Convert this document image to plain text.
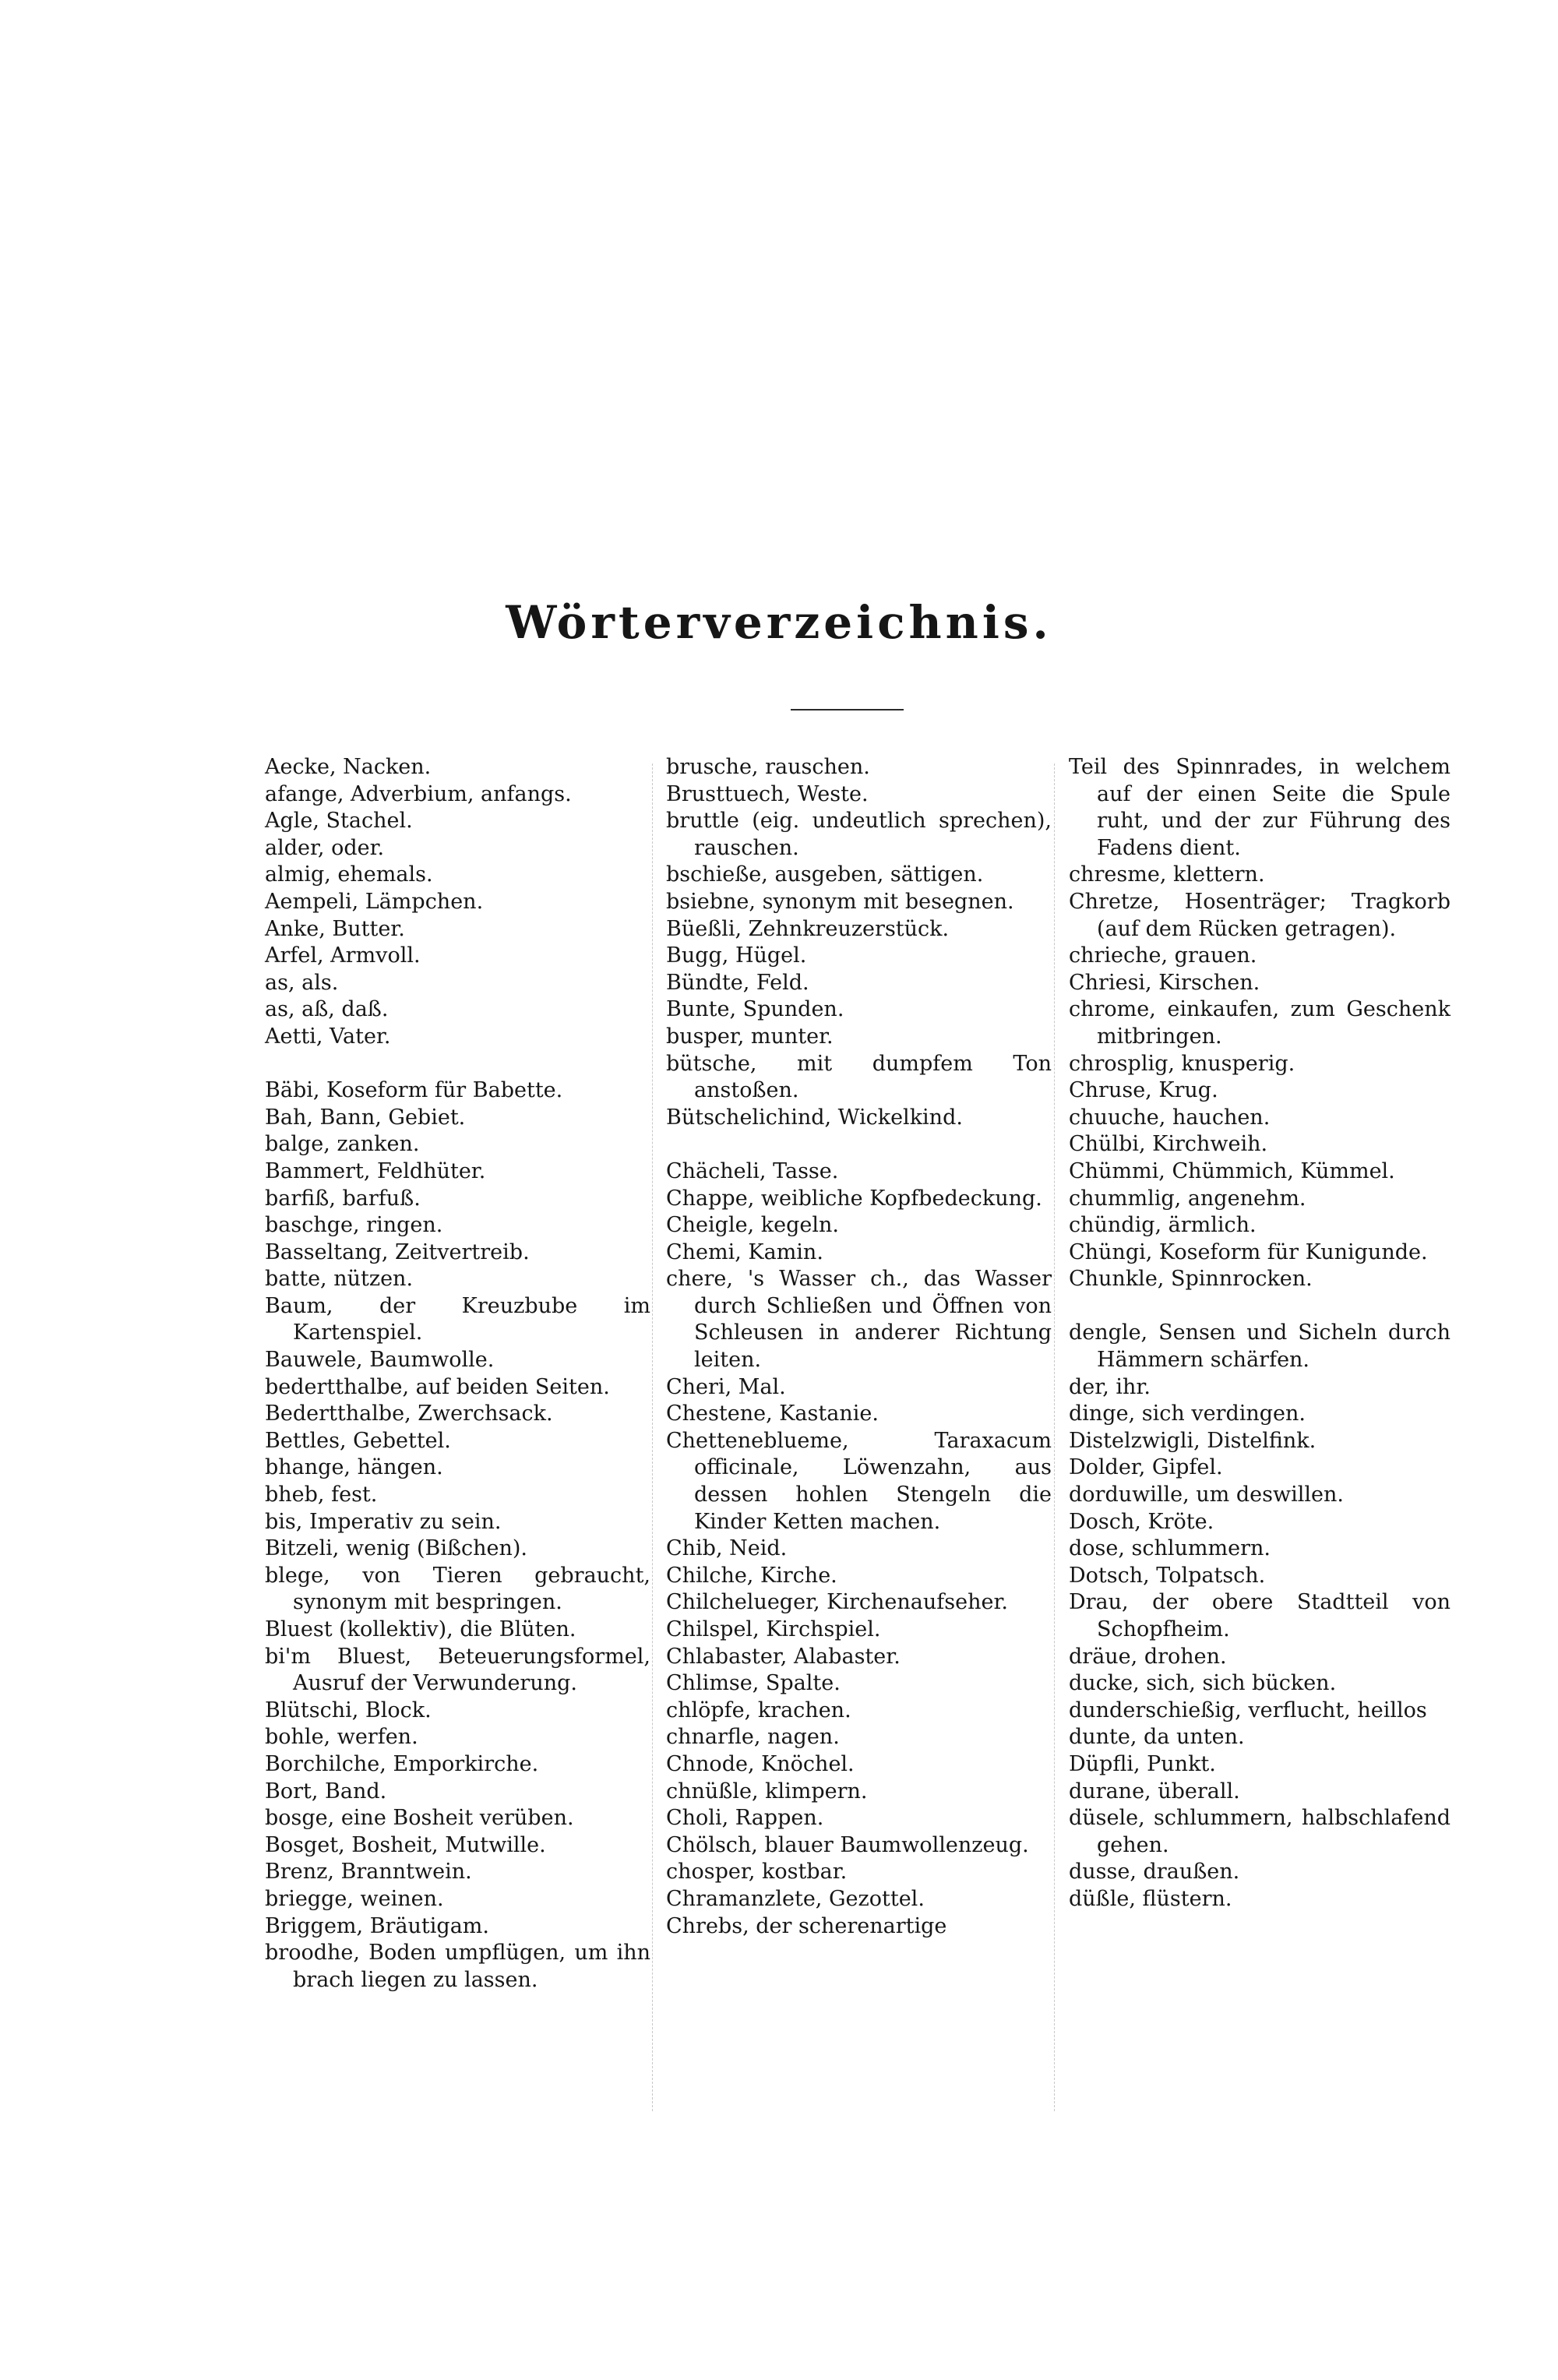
Wörterverzeichnis.
Aecke, Nacken.
afange, Adverbium, anfangs.
Agle, Stachel.
alder, oder.
almig, ehemals.
Aempeli, Lämpchen.
Anke, Butter.
Arfel, Armvoll.
as, als.
as, aß, daß.
Aetti, Vater.
Bäbi, Koseform für Babette.
Bah, Bann, Gebiet.
balge, zanken.
Bammert, Feldhüter.
barfiß, barfuß.
baschge, ringen.
Basseltang, Zeitvertreib.
batte, nützen.
Baum, der Kreuzbube im Kartenspiel.
Bauwele, Baumwolle.
bedertthalbe, auf beiden Seiten.
Bedertthalbe, Zwerchsack.
Bettles, Gebettel.
bhange, hängen.
bheb, fest.
bis, Imperativ zu sein.
Bitzeli, wenig (Bißchen).
blege, von Tieren gebraucht, synonym mit bespringen.
Bluest (kollektiv), die Blüten.
bi'm Bluest, Beteuerungsformel, Ausruf der Verwunderung.
Blütschi, Block.
bohle, werfen.
Borchilche, Emporkirche.
Bort, Band.
bosge, eine Bosheit verüben.
Bosget, Bosheit, Mutwille.
Brenz, Branntwein.
briegge, weinen.
Briggem, Bräutigam.
broodhe, Boden umpflügen, um ihn brach liegen zu lassen.
brusche, rauschen.
Brusttuech, Weste.
bruttle (eig. undeutlich sprechen), rauschen.
bschieße, ausgeben, sättigen.
bsiebne, synonym mit besegnen.
Büeßli, Zehnkreuzerstück.
Bugg, Hügel.
Bündte, Feld.
Bunte, Spunden.
busper, munter.
bütsche, mit dumpfem Ton anstoßen.
Bütschelichind, Wickelkind.
Chächeli, Tasse.
Chappe, weibliche Kopfbedeckung.
Cheigle, kegeln.
Chemi, Kamin.
chere, 's Wasser ch., das Wasser durch Schließen und Öffnen von Schleusen in anderer Richtung leiten.
Cheri, Mal.
Chestene, Kastanie.
Chettenebluеme, Taraxacum officinale, Löwenzahn, aus dessen hohlen Stengeln die Kinder Ketten machen.
Chib, Neid.
Chilche, Kirche.
Chilchelueger, Kirchenaufseher.
Chilspel, Kirchspiel.
Chlabaster, Alabaster.
Chlimse, Spalte.
chlöpfe, krachen.
chnarfle, nagen.
Chnode, Knöchel.
chnüßle, klimpern.
Choli, Rappen.
Chölsch, blauer Baumwollenzeug.
chosper, kostbar.
Chramanzlete, Gezottel.
Chrebs, der scherenartige
Teil des Spinnrades, in welchem auf der einen Seite die Spule ruht, und der zur Führung des Fadens dient.
chresme, klettern.
Chretze, Hosenträger; Tragkorb (auf dem Rücken getragen).
chrieche, grauen.
Chriesi, Kirschen.
chrome, einkaufen, zum Geschenk mitbringen.
chrosplig, knusperig.
Chruse, Krug.
chuuche, hauchen.
Chülbi, Kirchweih.
Chümmi, Chümmich, Kümmel.
chummlig, angenehm.
chündig, ärmlich.
Chüngi, Koseform für Kunigunde.
Chunkle, Spinnrocken.
dengle, Sensen und Sicheln durch Hämmern schärfen.
der, ihr.
dinge, sich verdingen.
Distelzwigli, Distelfink.
Dolder, Gipfel.
dorduwille, um deswillen.
Dosch, Kröte.
dose, schlummern.
Dotsch, Tolpatsch.
Drau, der obere Stadtteil von Schopfheim.
dräue, drohen.
ducke, sich, sich bücken.
dunderschießig, verflucht, heillos
dunte, da unten.
Düpfli, Punkt.
durane, überall.
düsele, schlummern, halbschlafend gehen.
dusse, draußen.
düßle, flüstern.
